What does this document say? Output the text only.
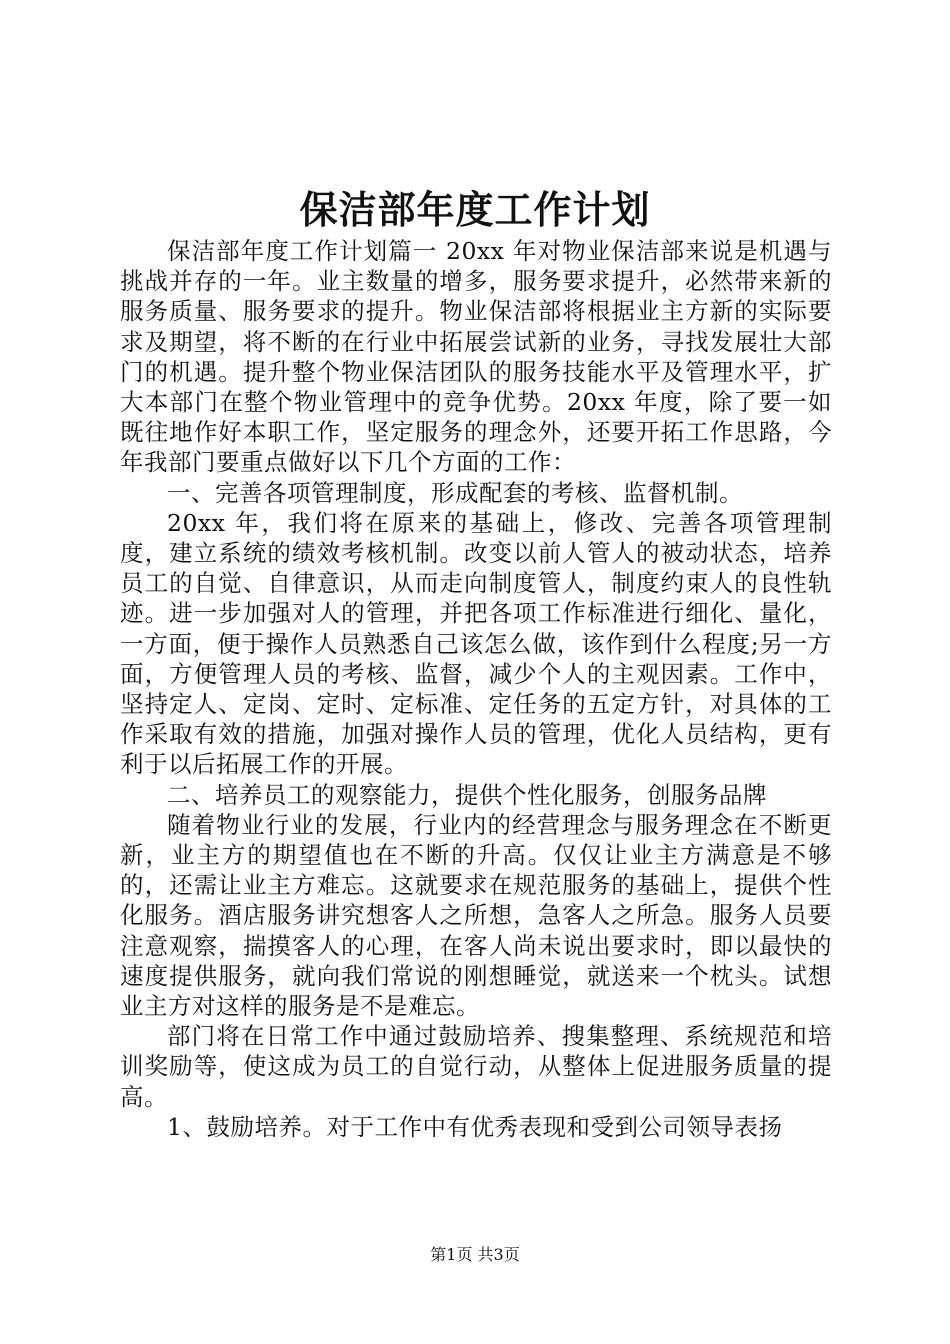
保洁部年度工作计划

保洁部年度工作计划篇一 20xx 年对物业保洁部来说是机遇与挑战并存的一年。业主数量的增多，服务要求提升，必然带来新的服务质量、服务要求的提升。物业保洁部将根据业主方新的实际要求及期望，将不断的在行业中拓展尝试新的业务，寻找发展壮大部门的机遇。提升整个物业保洁团队的服务技能水平及管理水平，扩大本部门在整个物业管理中的竞争优势。20xx 年度，除了要一如既往地作好本职工作，坚定服务的理念外，还要开拓工作思路，今年我部门要重点做好以下几个方面的工作：

一、完善各项管理制度，形成配套的考核、监督机制。

20xx 年，我们将在原来的基础上，修改、完善各项管理制度，建立系统的绩效考核机制。改变以前人管人的被动状态，培养员工的自觉、自律意识，从而走向制度管人，制度约束人的良性轨迹。进一步加强对人的管理，并把各项工作标准进行细化、量化，一方面，便于操作人员熟悉自己该怎么做，该作到什么程度;另一方面，方便管理人员的考核、监督，减少个人的主观因素。工作中，坚持定人、定岗、定时、定标准、定任务的五定方针，对具体的工作采取有效的措施，加强对操作人员的管理，优化人员结构，更有利于以后拓展工作的开展。

二、培养员工的观察能力，提供个性化服务，创服务品牌

随着物业行业的发展，行业内的经营理念与服务理念在不断更新，业主方的期望值也在不断的升高。仅仅让业主方满意是不够的，还需让业主方难忘。这就要求在规范服务的基础上，提供个性化服务。酒店服务讲究想客人之所想，急客人之所急。服务人员要注意观察，揣摸客人的心理，在客人尚未说出要求时，即以最快的速度提供服务，就向我们常说的刚想睡觉，就送来一个枕头。试想业主方对这样的服务是不是难忘。

部门将在日常工作中通过鼓励培养、搜集整理、系统规范和培训奖励等，使这成为员工的自觉行动，从整体上促进服务质量的提高。

1、鼓励培养。对于工作中有优秀表现和受到公司领导表扬

第1页 共3页
